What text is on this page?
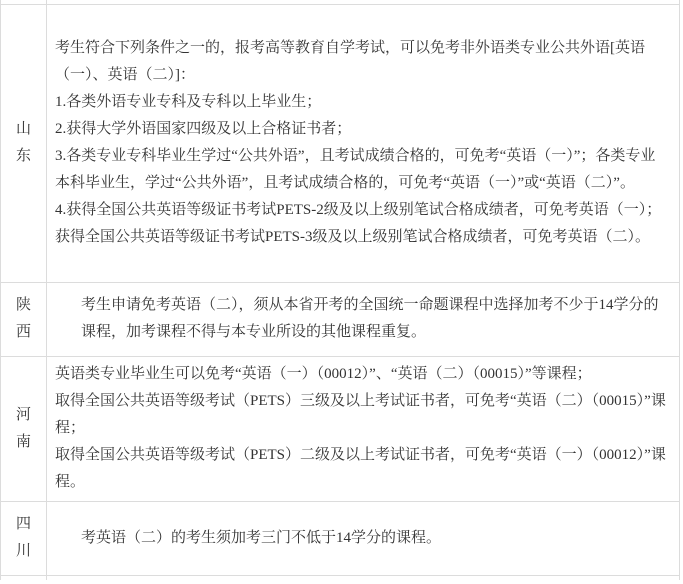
山东	考生符合下列条件之一的，报考高等教育自学考试，可以免考非外语类专业公共外语[英语（一）、英语（二）]：

1.各类外语专业专科及专科以上毕业生；

2.获得大学外语国家四级及以上合格证书者；

3.各类专业专科毕业生学过“公共外语”，且考试成绩合格的，可免考“英语（一）”；各类专业本科毕业生，学过“公共外语”，且考试成绩合格的，可免考“英语（一）”或“英语（二）”。

4.获得全国公共英语等级证书考试PETS-2级及以上级别笔试合格成绩者，可免考英语（一）；获得全国公共英语等级证书考试PETS-3级及以上级别笔试合格成绩者，可免考英语（二）。

陕西	考生申请免考英语（二），须从本省开考的全国统一命题课程中选择加考不少于14学分的课程，加考课程不得与本专业所设的其他课程重复。

河南	英语类专业毕业生可以免考“英语（一）（00012）”、“英语（二）（00015）”等课程；

取得全国公共英语等级考试（PETS）三级及以上考试证书者，可免考“英语（二）（00015）”课程；

取得全国公共英语等级考试（PETS）二级及以上考试证书者，可免考“英语（一）（00012）”课程。

四川	考英语（二）的考生须加考三门不低于14学分的课程。
